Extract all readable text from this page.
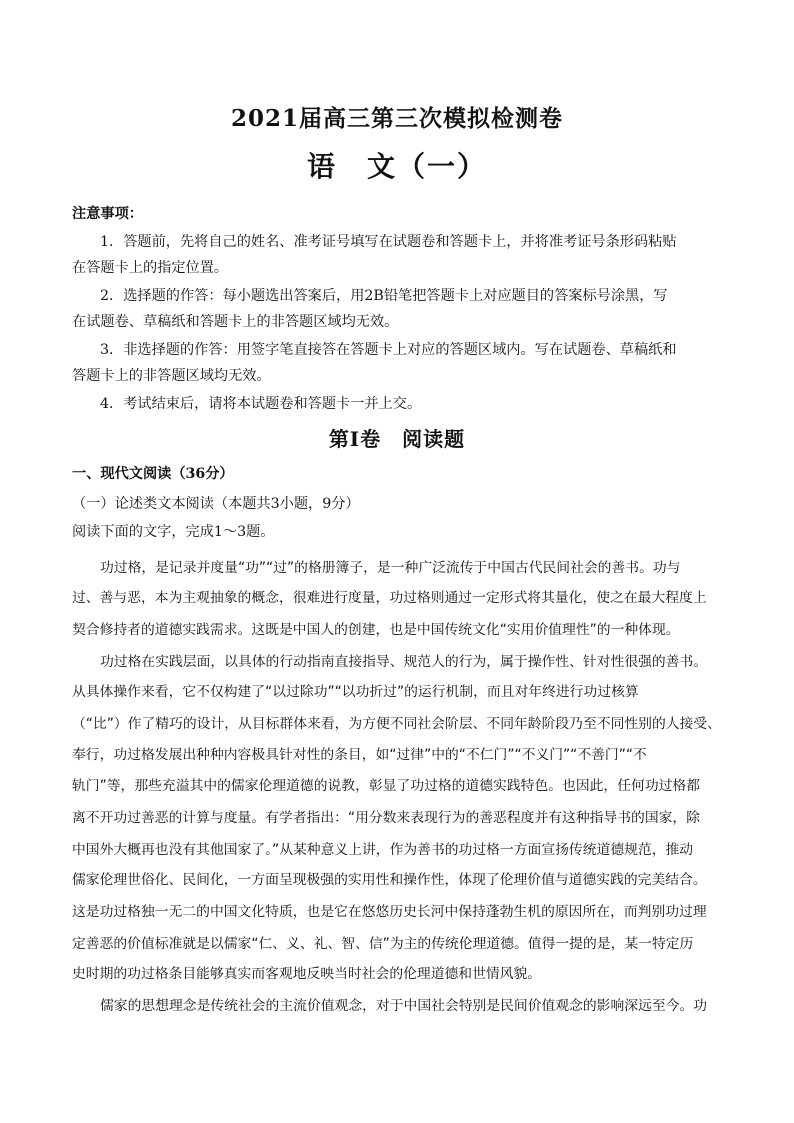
2021届高三第三次模拟检测卷
语　文（一）
注意事项：
1．答题前，先将自己的姓名、准考证号填写在试题卷和答题卡上，并将准考证号条形码粘贴
在答题卡上的指定位置。
2．选择题的作答：每小题选出答案后，用2B铅笔把答题卡上对应题目的答案标号涂黑，写
在试题卷、草稿纸和答题卡上的非答题区域均无效。
3．非选择题的作答：用签字笔直接答在答题卡上对应的答题区域内。写在试题卷、草稿纸和
答题卡上的非答题区域均无效。
4．考试结束后，请将本试题卷和答题卡一并上交。
第Ⅰ卷　阅读题
一、现代文阅读（36分）
（一）论述类文本阅读（本题共3小题，9分）
阅读下面的文字，完成1～3题。
功过格，是记录并度量“功”“过”的格册簿子，是一种广泛流传于中国古代民间社会的善书。功与
过、善与恶，本为主观抽象的概念，很难进行度量，功过格则通过一定形式将其量化，使之在最大程度上
契合修持者的道德实践需求。这既是中国人的创建，也是中国传统文化“实用价值理性”的一种体现。
功过格在实践层面，以具体的行动指南直接指导、规范人的行为，属于操作性、针对性很强的善书。
从具体操作来看，它不仅构建了“以过除功”“以功折过”的运行机制，而且对年终进行功过核算
（“比”）作了精巧的设计，从目标群体来看，为方便不同社会阶层、不同年龄阶段乃至不同性别的人接受、
奉行，功过格发展出种种内容极具针对性的条目，如“过律”中的“不仁门”“不义门”“不善门”“不
轨门”等，那些充溢其中的儒家伦理道德的说教，彰显了功过格的道德实践特色。也因此，任何功过格都
离不开功过善恶的计算与度量。有学者指出：“用分数来表现行为的善恶程度并有这种指导书的国家，除
中国外大概再也没有其他国家了。”从某种意义上讲，作为善书的功过格一方面宣扬传统道德规范，推动
儒家伦理世俗化、民间化，一方面呈现极强的实用性和操作性，体现了伦理价值与道德实践的完美结合。
这是功过格独一无二的中国文化特质，也是它在悠悠历史长河中保持蓬勃生机的原因所在，而判别功过理
定善恶的价值标准就是以儒家“仁、义、礼、智、信”为主的传统伦理道德。值得一提的是，某一特定历
史时期的功过格条目能够真实而客观地反映当时社会的伦理道德和世情风貌。
儒家的思想理念是传统社会的主流价值观念，对于中国社会特别是民间价值观念的影响深远至今。功
